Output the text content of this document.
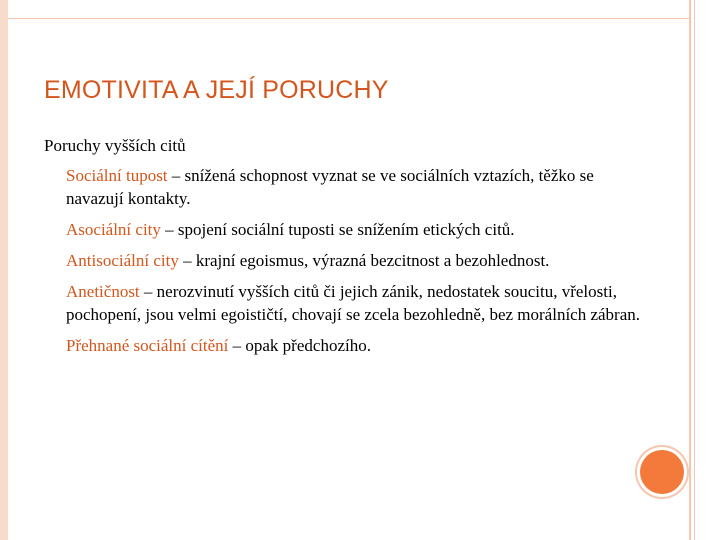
EMOTIVITA A JEJÍ PORUCHY

Poruchy vyšších citů

Sociální tupost – snížená schopnost vyznat se ve sociálních vztazích, těžko se navazují kontakty.

Asociální city – spojení sociální tuposti se snížením etických citů.

Antisociální city – krajní egoismus, výrazná bezcitnost a bezohlednost.

Anetičnost – nerozvinutí vyšších citů či jejich zánik, nedostatek soucitu, vřelosti, pochopení, jsou velmi egoističtí, chovají se zcela bezohledně, bez morálních zábran.

Přehnané sociální cítění – opak předchozího.
